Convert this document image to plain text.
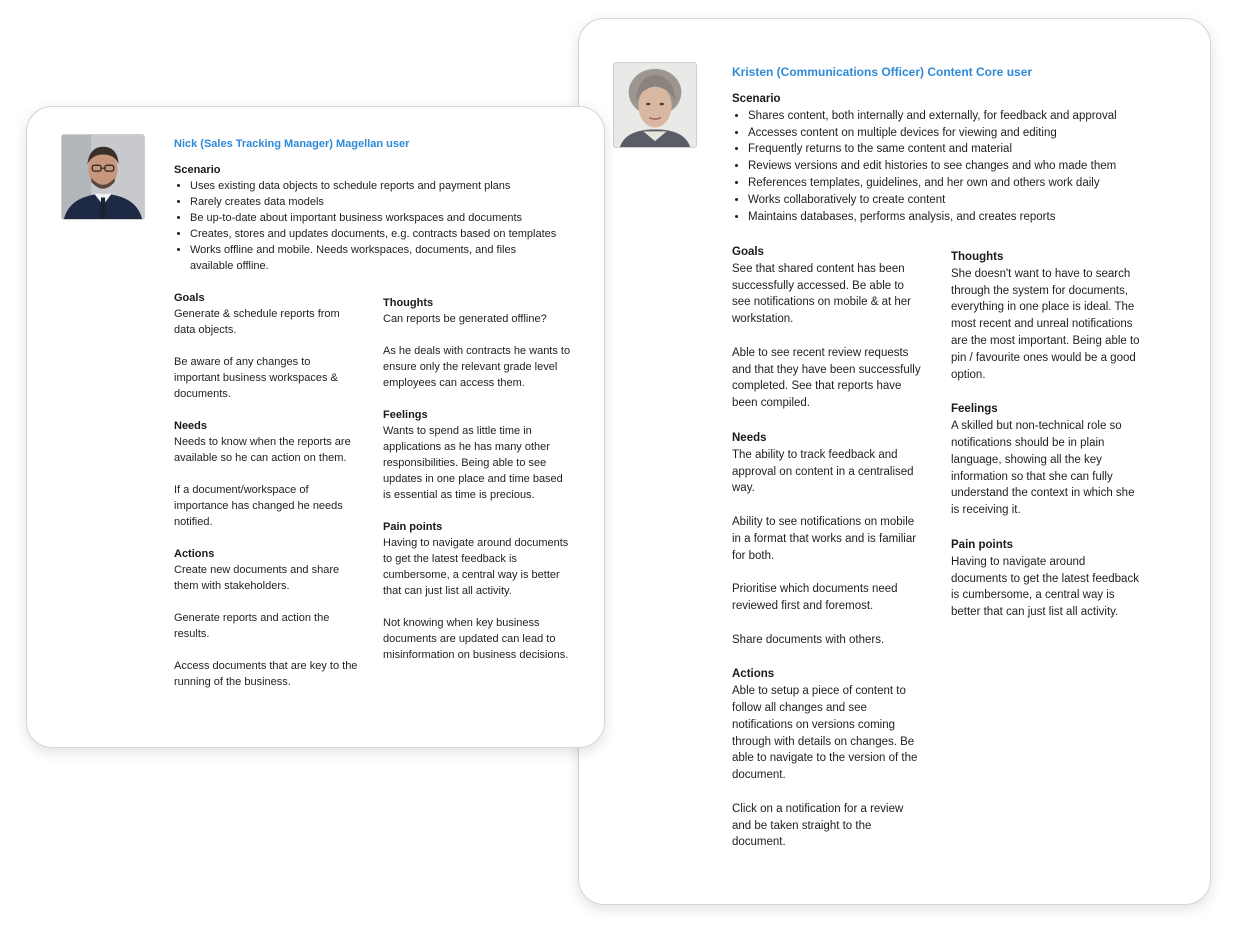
Kristen (Communications Officer) Content Core user

Scenario

• Shares content, both internally and externally, for feedback and approval
• Accesses content on multiple devices for viewing and editing
• Frequently returns to the same content and material
• Reviews versions and edit histories to see changes and who made them
• References templates, guidelines, and her own and others work daily
• Works collaboratively to create content
• Maintains databases, performs analysis, and creates reports

Goals

See that shared content has been successfully accessed. Be able to see notifications on mobile & at her workstation.

Able to see recent review requests and that they have been successfully completed. See that reports have been compiled.

Needs

The ability to track feedback and approval on content in a centralised way.

Ability to see notifications on mobile in a format that works and is familiar for both.

Prioritise which documents need reviewed first and foremost.

Share documents with others.

Actions

Able to setup a piece of content to follow all changes and see notifications on versions coming through with details on changes. Be able to navigate to the version of the document.

Click on a notification for a review and be taken straight to the document.

Thoughts

She doesn't want to have to search through the system for documents, everything in one place is ideal. The most recent and unreal notifications are the most important. Being able to pin / favourite ones would be a good option.

Feelings

A skilled but non-technical role so notifications should be in plain language, showing all the key information so that she can fully understand the context in which she is receiving it.

Pain points

Having to navigate around documents to get the latest feedback is cumbersome, a central way is better that can just list all activity.

Nick (Sales Tracking Manager) Magellan user

Scenario

• Uses existing data objects to schedule reports and payment plans
• Rarely creates data models
• Be up-to-date about important business workspaces and documents
• Creates, stores and updates documents, e.g. contracts based on templates
• Works offline and mobile. Needs workspaces, documents, and files available offline.

Goals

Generate & schedule reports from data objects.

Be aware of any changes to important business workspaces & documents.

Needs

Needs to know when the reports are available so he can action on them.

If a document/workspace of importance has changed he needs notified.

Actions

Create new documents and share them with stakeholders.

Generate reports and action the results.

Access documents that are key to the running of the business.

Thoughts

Can reports be generated offline?

As he deals with contracts he wants to ensure only the relevant grade level employees can access them.

Feelings

Wants to spend as little time in applications as he has many other responsibilities. Being able to see updates in one place and time based is essential as time is precious.

Pain points

Having to navigate around documents to get the latest feedback is cumbersome, a central way is better that can just list all activity.

Not knowing when key business documents are updated can lead to misinformation on business decisions.
